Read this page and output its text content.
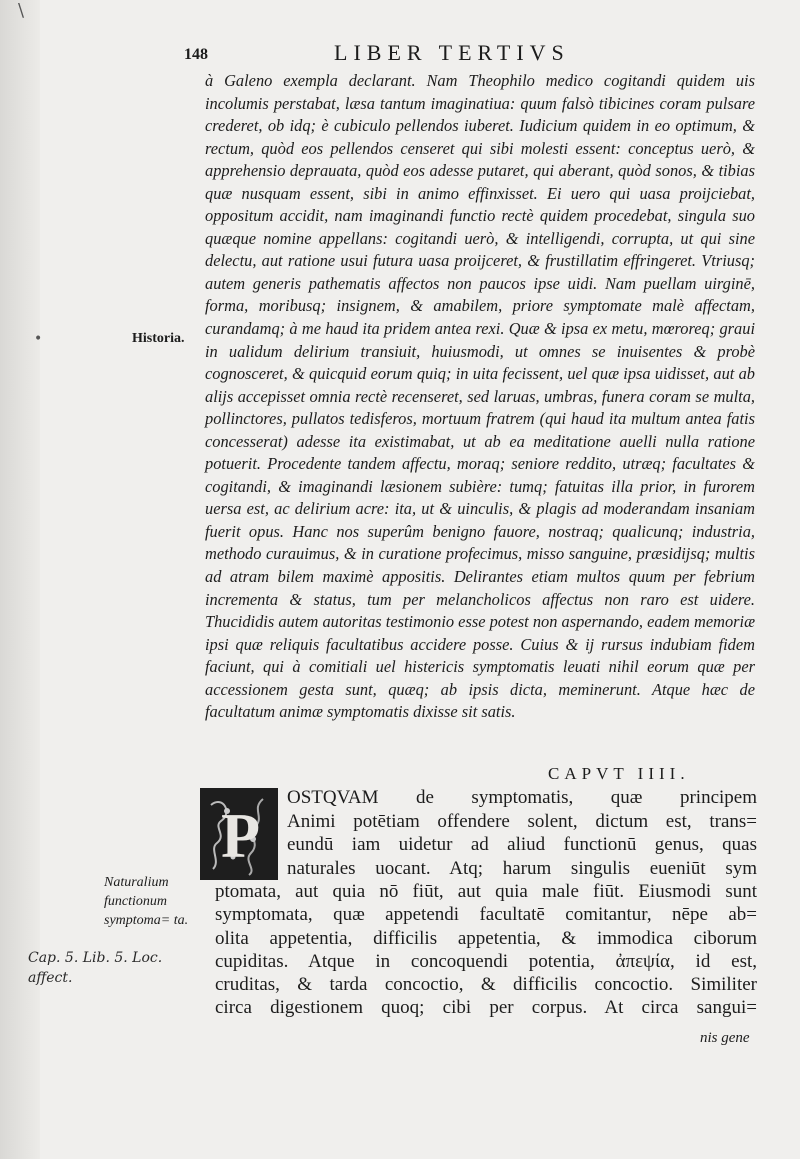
\
148	LIBER TERTIVS

à Galeno exempla declarant. Nam Theophilo medico cogitandi quidem uis incolumis perstabat, læsa tantum imaginatiua: quum falsò tibicines coram pulsare crederet, ob idq; è cubiculo pellendos iuberet. Iudicium quidem in eo optimum, & rectum, quòd eos pellendos censeret qui sibi molesti essent: conceptus uerò, & apprehensio deprauata, quòd eos adesse putaret, qui aberant, quòd sonos, & tibias quæ nusquam essent, sibi in animo effinxisset. Ei uero qui uasa proijciebat, oppositum accidit, nam imaginandi functio rectè quidem procedebat, singula suo quæque nomine appellans: cogitandi uerò, & intelligendi, corrupta, ut qui sine delectu, aut ratione usui futura uasa proijceret, & frustillatim effringeret. Vtriusq; autem generis pathematis affectos non paucos ipse uidi. Nam puellam uirginē, forma, moribusq; insignem, & amabilem, priore symptomate malè affectam, curandamq; à me haud ita pridem antea rexi. Quæ & ipsa ex metu, mœroreq; graui in ualidum delirium transiuit, huiusmodi, ut omnes se inuisentes & probè cognosceret, & quicquid eorum quiq; in uita fecissent, uel quæ ipsa uidisset, aut ab alijs accepisset omnia rectè recenseret, sed laruas, umbras, funera coram se multa, pollinctores, pullatos tedisferos, mortuum fratrem (qui haud ita multum antea fatis concesserat) adesse ita existimabat, ut ab ea meditatione auelli nulla ratione potuerit. Procedente tandem affectu, moraq; seniore reddito, utræq; facultates & cogitandi, & imaginandi læsionem subière: tumq; fatuitas illa prior, in furorem uersa est, ac delirium acre: ita, ut & uinculis, & plagis ad moderandam insaniam fuerit opus. Hanc nos superûm benigno fauore, nostraq; qualicunq; industria, methodo curauimus, & in curatione profecimus, misso sanguine, præsidijsq; multis ad atram bilem maximè appositis. Delirantes etiam multos quum per febrium incrementa & status, tum per melancholicos affectus non raro est uidere. Thucididis autem autoritas testimonio esse potest non aspernando, eadem memoriæ ipsi quæ reliquis facultatibus accidere posse. Cuius & ij rursus indubiam fidem faciunt, qui à comitiali uel histericis symptomatis leuati nihil eorum quæ per accessionem gesta sunt, quæq; ab ipsis dicta, meminerunt. Atque hæc de facultatum animæ symptomatis dixisse sit satis.

•	Historia.
CAPVT IIII.
P
OSTQVAM de symptomatis, quæ principem
Animi potētiam offendere solent, dictum est, trans=
eundū iam uidetur ad aliud functionū genus, quas
naturales uocant. Atq; harum singulis eueniūt sym
ptomata, aut quia nō fiūt, aut quia male fiūt. Eiusmodi sunt
symptomata, quæ appetendi facultatē comitantur, nēpe ab=
olita appetentia, difficilis appetentia, & immodica ciborum
cupiditas. Atque in concoquendi potentia, ἀπεψία, id est,
cruditas, & tarda concoctio, & difficilis concoctio. Similiter
circa digestionem quoq; cibi per corpus. At circa sangui=
nis gene
Naturalium functionum symptoma= ta.
Cap. 5. Lib. 5. Loc. affect.
